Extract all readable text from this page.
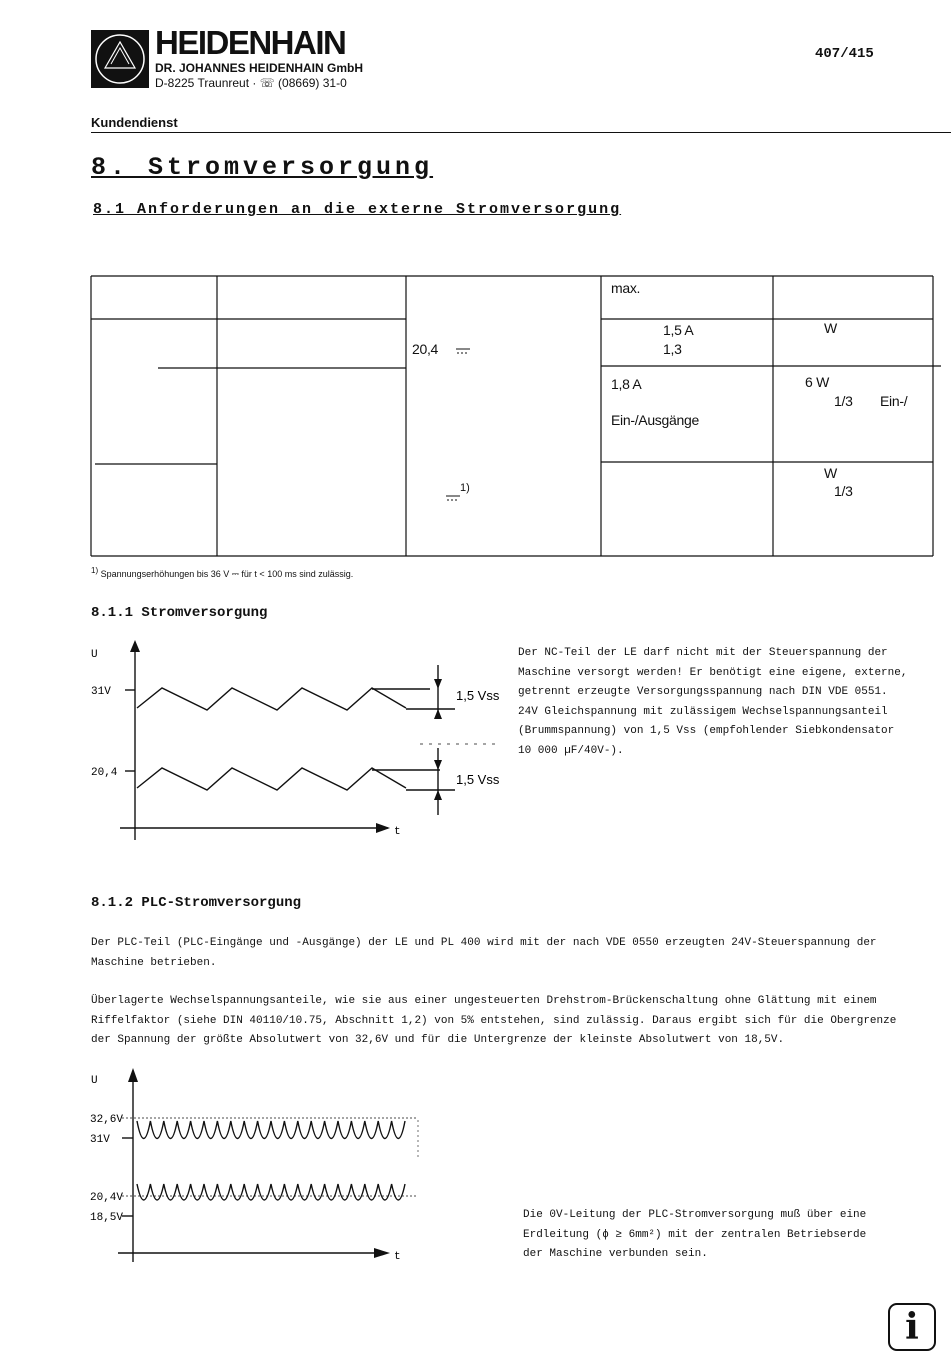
HEIDENHAIN
DR. JOHANNES HEIDENHAIN GmbH
D-8225 Traunreut · ☏ (08669) 31-0
407/415
Kundendienst
8. Stromversorgung
8.1 Anforderungen an die externe Stromversorgung
max.
1,5 A
1,3
20,4
W
1,8 A
Ein-/Ausgänge
6 W
1/3 Ein-/
W
1/3
1)
$^{1)}$ Spannungserhöhungen bis 36 V ⎓ für t < 100 ms sind zulässig.
8.1.1 Stromversorgung
U
t
31V
20,4
1,5 Vss
1,5 Vss

Der NC-Teil der LE darf nicht mit der Steuerspannung der

Maschine versorgt werden! Er benötigt eine eigene, externe,

getrennt erzeugte Versorgungsspannung nach DIN VDE 0551.

24V Gleichspannung mit zulässigem Wechselspannungsanteil

(Brummspannung) von 1,5 Vss (empfohlender Siebkondensator

10 000 µF/40V-).

8.1.2 PLC-Stromversorgung

Der PLC-Teil (PLC-Eingänge und -Ausgänge) der LE und PL 400 wird mit der nach VDE 0550 erzeugten 24V-Steuerspannung der

Maschine betrieben.

Überlagerte Wechselspannungsanteile, wie sie aus einer ungesteuerten Drehstrom-Brückenschaltung ohne Glättung mit einem

Riffelfaktor (siehe DIN 40110/10.75, Abschnitt 1,2) von 5% entstehen, sind zulässig. Daraus ergibt sich für die Obergrenze

der Spannung der größte Absolutwert von 32,6V und für die Untergrenze der kleinste Absolutwert von 18,5V.

U
t
32,6V
31V
20,4V
18,5V	Die 0V-Leitung der PLC-Stromversorgung muß über eine

Erdleitung (ϕ ≥ 6mm²) mit der zentralen Betriebserde

der Maschine verbunden sein.

i
